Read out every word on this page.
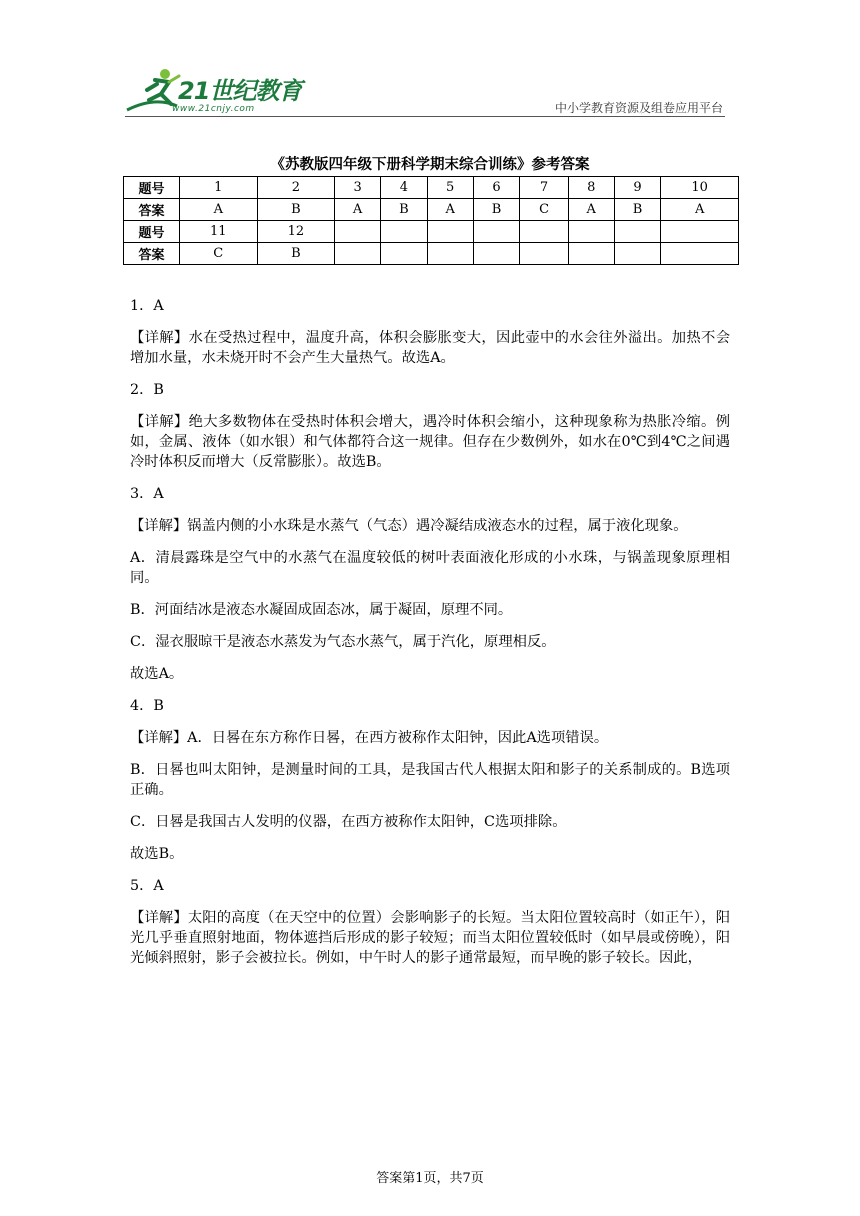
21世纪教育
www.21cnjy.com	中小学教育资源及组卷应用平台
《苏教版四年级下册科学期末综合训练》参考答案
题号	1	2	3	4	5	6	7	8	9	10
答案	A	B	A	B	A	B	C	A	B	A
题号	11	12								
答案	C	B								

1．A

【详解】水在受热过程中，温度升高，体积会膨胀变大，因此壶中的水会往外溢出。加热不会增加水量，水未烧开时不会产生大量热气。故选A。

2．B

【详解】绝大多数物体在受热时体积会增大，遇冷时体积会缩小，这种现象称为热胀冷缩。例如，金属、液体（如水银）和气体都符合这一规律。但存在少数例外，如水在0℃到4℃之间遇冷时体积反而增大（反常膨胀）。故选B。

3．A

【详解】锅盖内侧的小水珠是水蒸气（气态）遇冷凝结成液态水的过程，属于液化现象。

A．清晨露珠是空气中的水蒸气在温度较低的树叶表面液化形成的小水珠，与锅盖现象原理相同。

B．河面结冰是液态水凝固成固态冰，属于凝固，原理不同。

C．湿衣服晾干是液态水蒸发为气态水蒸气，属于汽化，原理相反。

故选A。

4．B

【详解】A．日晷在东方称作日晷，在西方被称作太阳钟，因此A选项错误。

B．日晷也叫太阳钟，是测量时间的工具，是我国古代人根据太阳和影子的关系制成的。B选项正确。

C．日晷是我国古人发明的仪器，在西方被称作太阳钟，C选项排除。

故选B。

5．A

【详解】太阳的高度（在天空中的位置）会影响影子的长短。当太阳位置较高时（如正午），阳光几乎垂直照射地面，物体遮挡后形成的影子较短；而当太阳位置较低时（如早晨或傍晚），阳光倾斜照射，影子会被拉长。例如，中午时人的影子通常最短，而早晚的影子较长。因此，

答案第1页，共7页
